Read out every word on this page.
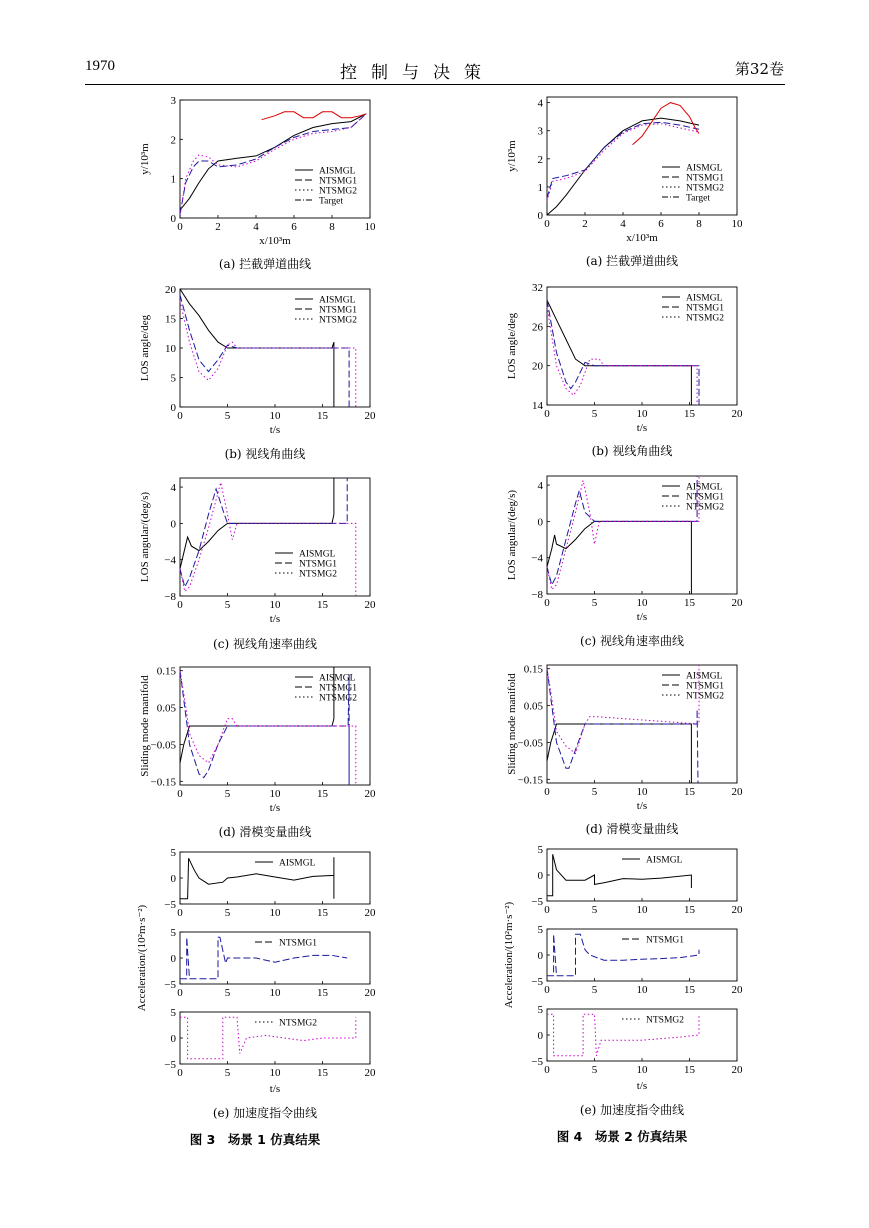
1970	控制与决策	第32卷
0	2	4	6	8	10
0
1
2
3
AISMGL
NTSMG1
NTSMG2
Target
y/10³m
x/10³m
(a) 拦截弹道曲线
0	5	10	15	20
0
5
10
15
20
AISMGL
NTSMG1
NTSMG2
LOS angle/deg
t/s
(b) 视线角曲线
0	5	10	15	20
−8
−4
0
4
AISMGL
NTSMG1
NTSMG2
LOS angular/(deg/s)
t/s
(c) 视线角速率曲线
0	5	10	15	20
−0.15
−0.05
0.05
0.15
AISMGL
NTSMG1
NTSMG2
Sliding mode manifold
t/s
(d) 滑模变量曲线
0	5	10	15	20
−5
0
5
AISMGL
0	5	10	15	20
−5
0
5
NTSMG1
0	5	10	15	20
−5
0
5
NTSMG2
Acceleration/(10²m·s⁻²)
t/s
(e) 加速度指令曲线
图 3　场景 1 仿真结果
0	2	4	6	8	10
0
1
2
3
4
AISMGL
NTSMG1
NTSMG2
Target
y/10³m
x/10³m
(a) 拦截弹道曲线
0	5	10	15	20
14
20
26
32
AISMGL
NTSMG1
NTSMG2
LOS angle/deg
t/s
(b) 视线角曲线
0	5	10	15	20
−8
−4
0
4	AISMGL
NTSMG1
NTSMG2
LOS angular/(deg/s)
t/s
(c) 视线角速率曲线
0	5	10	15	20
−0.15
−0.05
0.05
0.15
AISMGL
NTSMG1
NTSMG2
Sliding mode manifold
t/s
(d) 滑模变量曲线
0	5	10	15	20
−5
0
5
AISMGL
0	5	10	15	20
−5
0
5
NTSMG1
0	5	10	15	20
−5
0
5
NTSMG2
Acceleration/(10²m·s⁻²)
t/s
(e) 加速度指令曲线
图 4　场景 2 仿真结果
